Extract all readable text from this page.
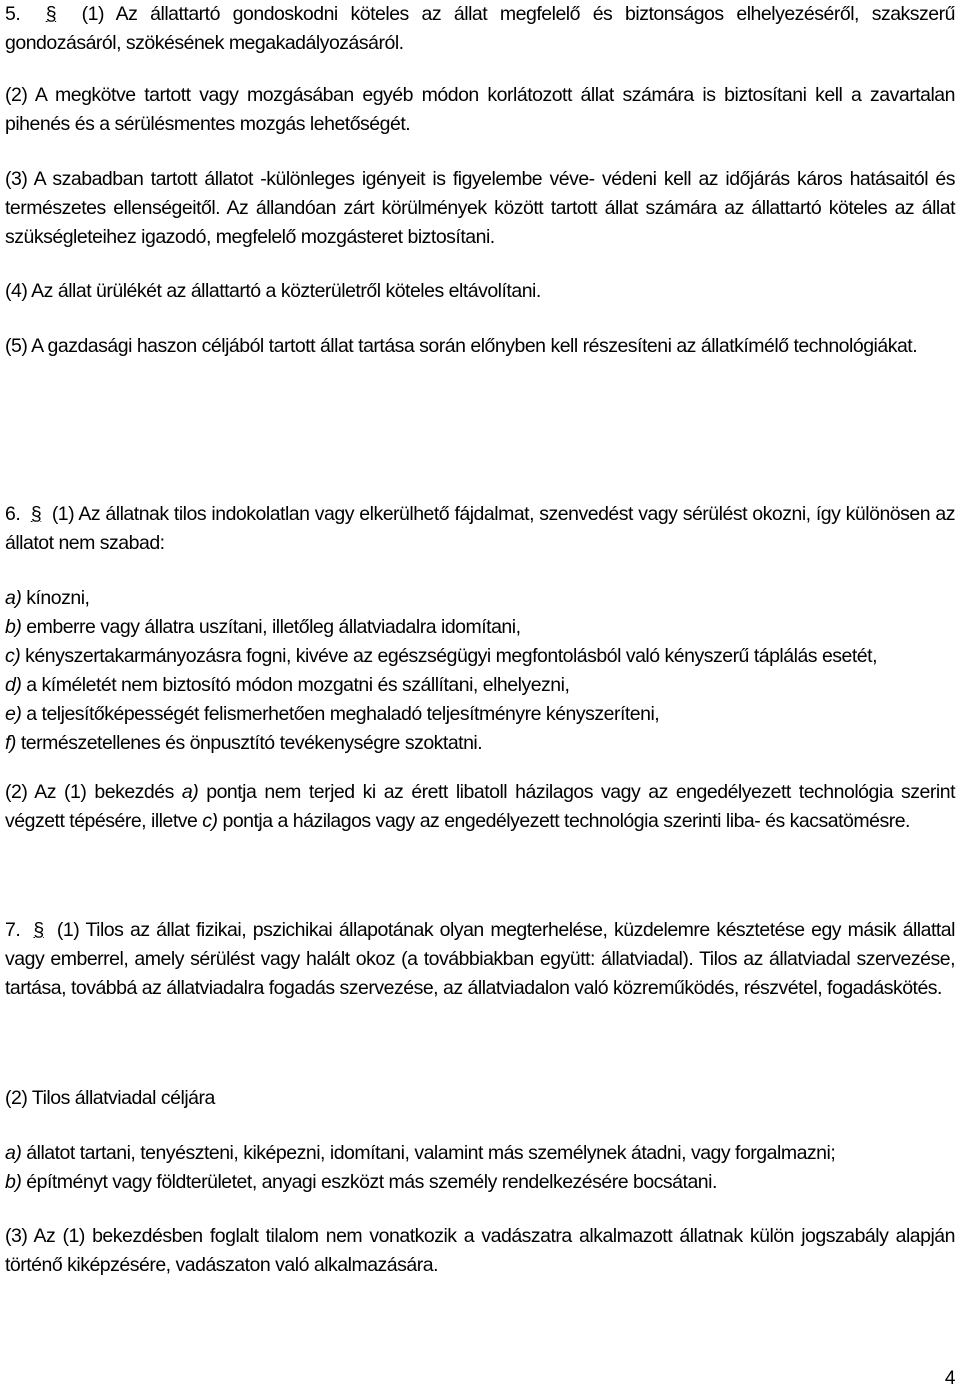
5. § (1) Az állattartó gondoskodni köteles az állat megfelelő és biztonságos elhelyezéséről, szakszerű gondozásáról, szökésének megakadályozásáról.

(2) A megkötve tartott vagy mozgásában egyéb módon korlátozott állat számára is biztosítani kell a zavartalan pihenés és a sérülésmentes mozgás lehetőségét.

(3) A szabadban tartott állatot -különleges igényeit is figyelembe véve- védeni kell az időjárás káros hatásaitól és természetes ellenségeitől. Az állandóan zárt körülmények között tartott állat számára az állattartó köteles az állat szükségleteihez igazodó, megfelelő mozgásteret biztosítani.

(4) Az állat ürülékét az állattartó a közterületről köteles eltávolítani.

(5) A gazdasági haszon céljából tartott állat tartása során előnyben kell részesíteni az állatkímélő technológiákat.

6. § (1) Az állatnak tilos indokolatlan vagy elkerülhető fájdalmat, szenvedést vagy sérülést okozni, így különösen az állatot nem szabad:

a) kínozni,

b) emberre vagy állatra uszítani, illetőleg állatviadalra idomítani,

c) kényszertakarmányozásra fogni, kivéve az egészségügyi megfontolásból való kényszerű táplálás esetét,

d) a kíméletét nem biztosító módon mozgatni és szállítani, elhelyezni,

e) a teljesítőképességét felismerhetően meghaladó teljesítményre kényszeríteni,

f) természetellenes és önpusztító tevékenységre szoktatni.

(2) Az (1) bekezdés a) pontja nem terjed ki az érett libatoll házilagos vagy az engedélyezett technológia szerint végzett tépésére, illetve c) pontja a házilagos vagy az engedélyezett technológia szerinti liba- és kacsatömésre.

7. § (1) Tilos az állat fizikai, pszichikai állapotának olyan megterhelése, küzdelemre késztetése egy másik állattal vagy emberrel, amely sérülést vagy halált okoz (a továbbiakban együtt: állatviadal). Tilos az állatviadal szervezése, tartása, továbbá az állatviadalra fogadás szervezése, az állatviadalon való közreműködés, részvétel, fogadáskötés.

(2) Tilos állatviadal céljára

a) állatot tartani, tenyészteni, kiképezni, idomítani, valamint más személynek átadni, vagy forgalmazni;

b) építményt vagy földterületet, anyagi eszközt más személy rendelkezésére bocsátani.

(3) Az (1) bekezdésben foglalt tilalom nem vonatkozik a vadászatra alkalmazott állatnak külön jogszabály alapján történő kiképzésére, vadászaton való alkalmazására.

4
